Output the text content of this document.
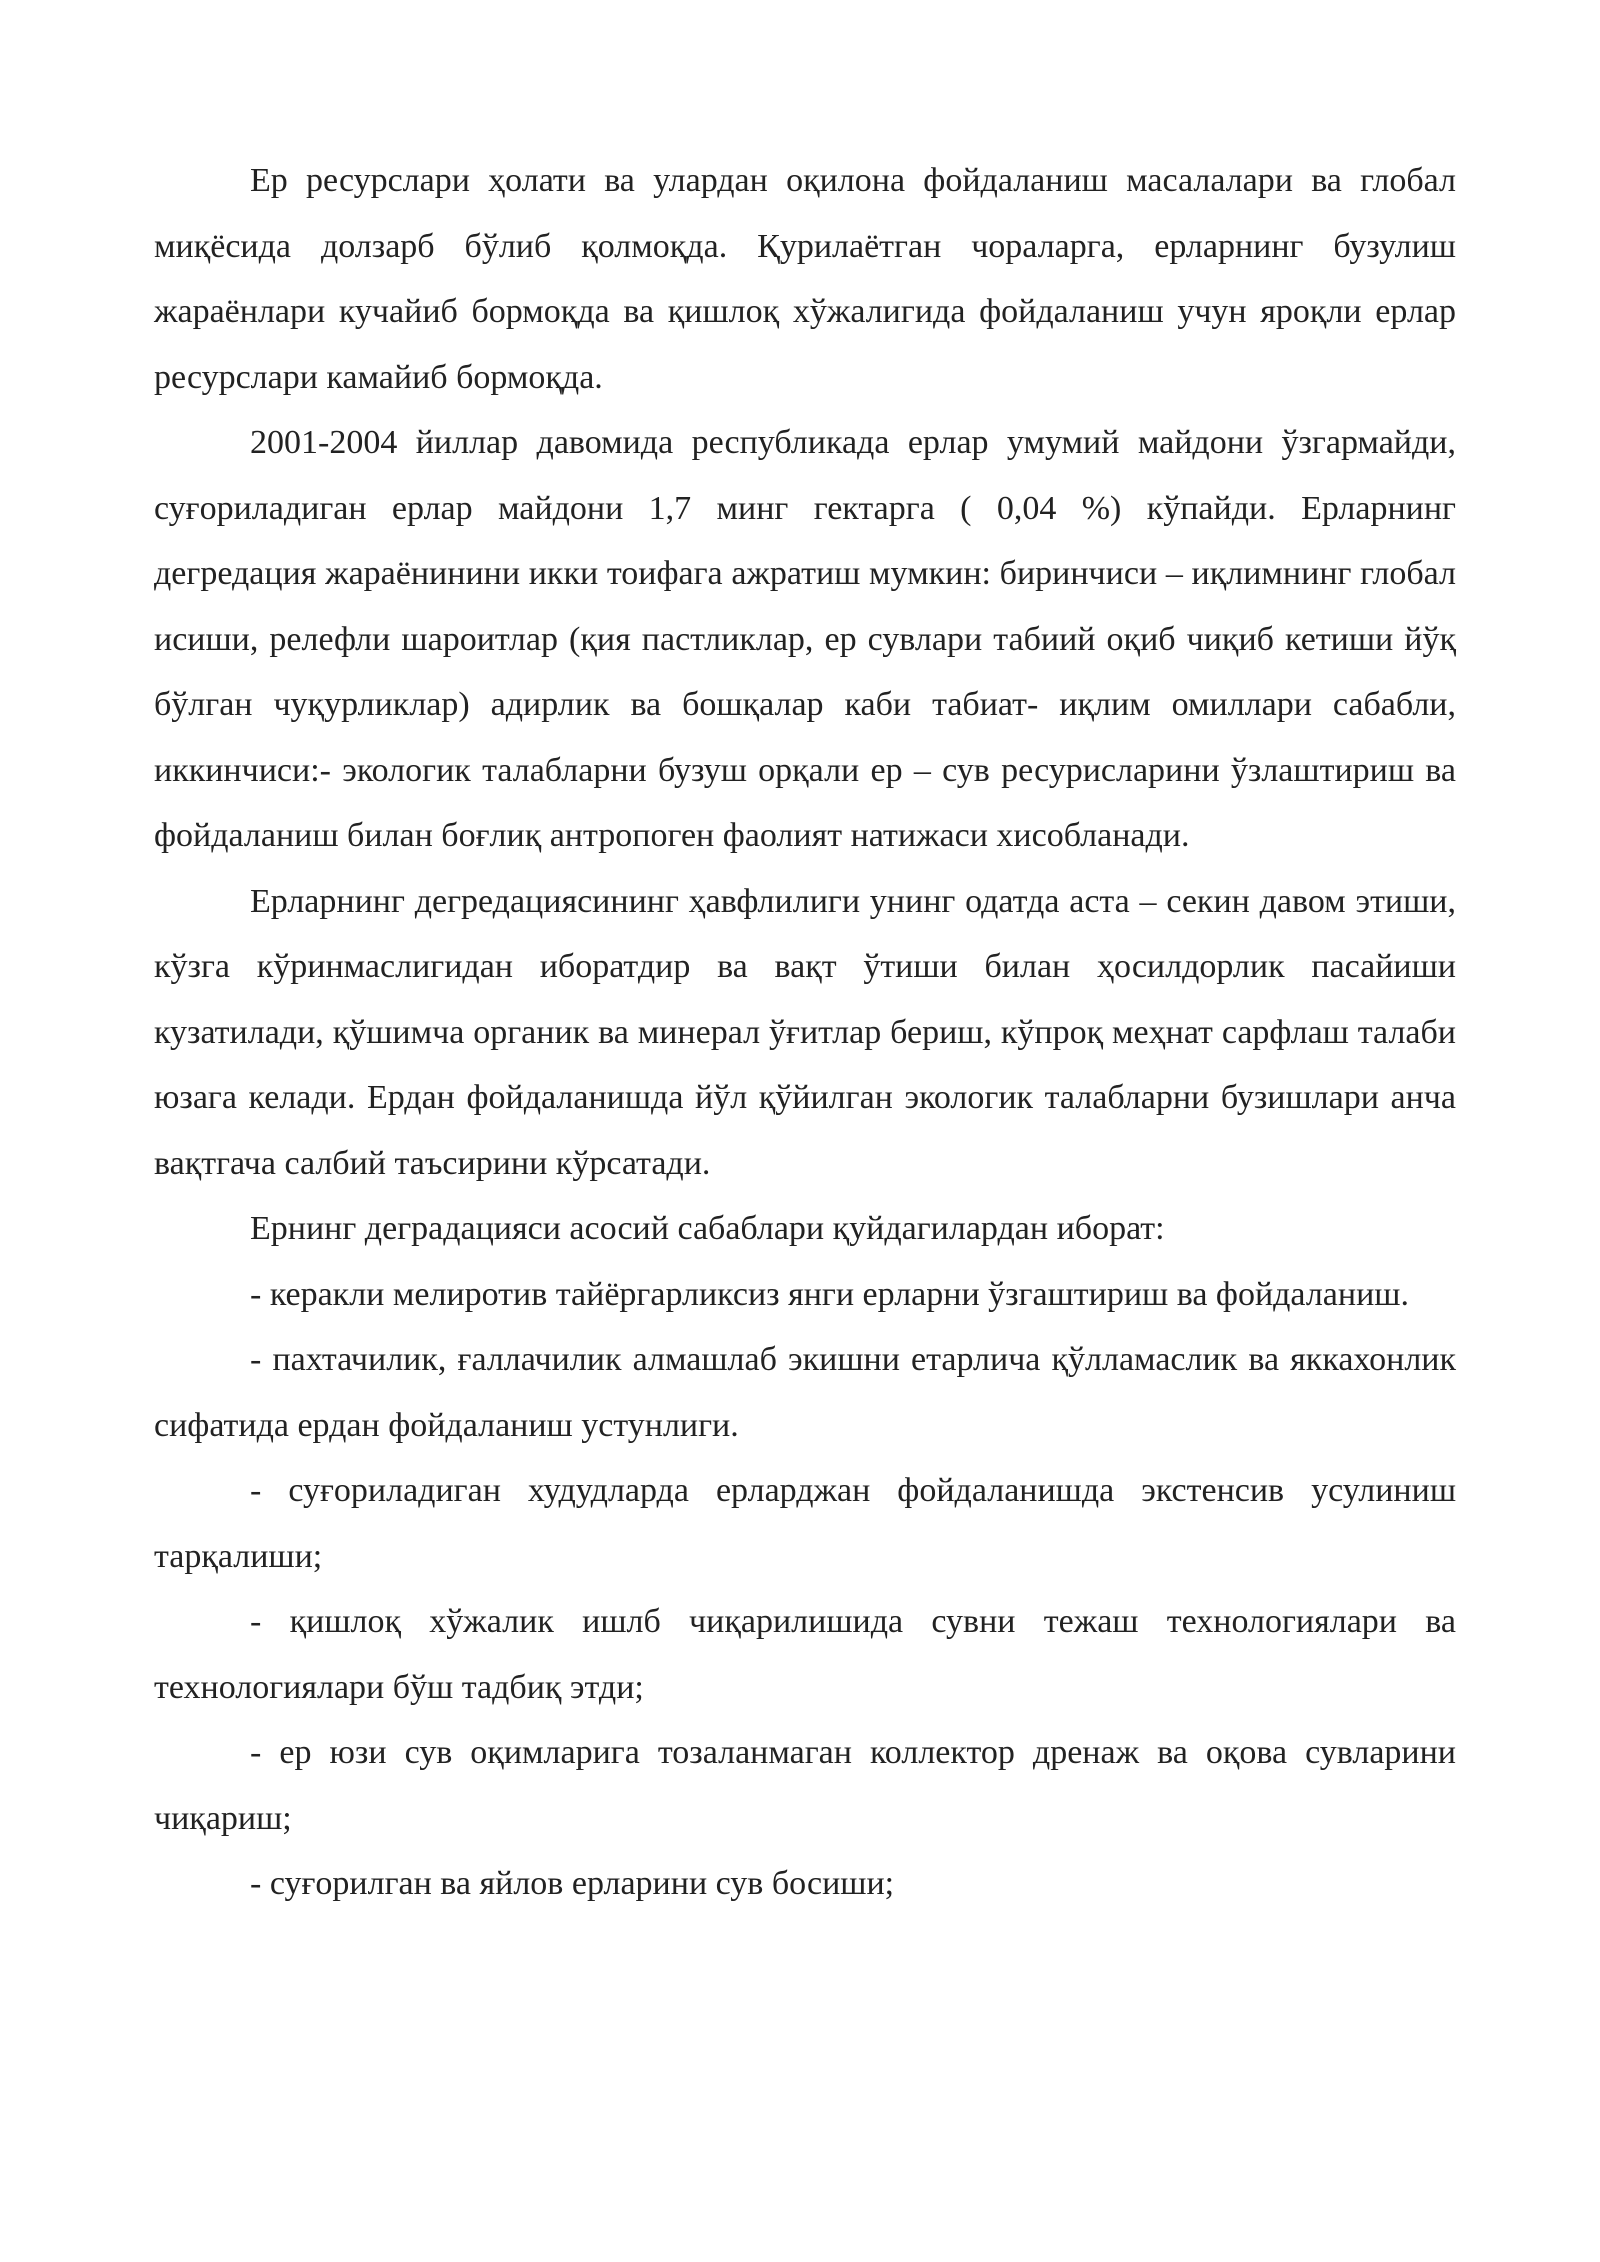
Ер ресурслари ҳолати ва улардан оқилона фойдаланиш масалалари ва глобал миқёсида долзарб бўлиб қолмоқда. Қурилаётган чораларга, ерларнинг бузулиш жараёнлари кучайиб бормоқда ва қишлоқ хўжалигида фойдаланиш учун яроқли ерлар ресурслари камайиб бормоқда.

2001-2004 йиллар давомида республикада ерлар умумий майдони ўзгармайди, суғориладиган ерлар майдони 1,7 минг гектарга ( 0,04 %) кўпайди. Ерларнинг дегредация жараёнинини икки тоифага ажратиш мумкин: биринчиси – иқлимнинг глобал исиши, релефли шароитлар (қия пастликлар, ер сувлари табиий оқиб чиқиб кетиши йўқ бўлган чуқурликлар) адирлик ва бошқалар каби табиат- иқлим омиллари сабабли, иккинчиси:- экологик талабларни бузуш орқали ер – сув ресурисларини ўзлаштириш ва фойдаланиш билан боғлиқ антропоген фаолият натижаси хисобланади.

Ерларнинг дегредациясининг ҳавфлилиги унинг одатда аста – секин давом этиши, кўзга кўринмаслигидан иборатдир ва вақт ўтиши билан ҳосилдорлик пасайиши кузатилади, қўшимча органик ва минерал ўғитлар бериш, кўпроқ меҳнат сарфлаш талаби юзага келади. Ердан фойдаланишда йўл қўйилган экологик талабларни бузишлари анча вақтгача салбий таъсирини кўрсатади.

Ернинг деградацияси асосий сабаблари қуйдагилардан иборат:

- керакли мелиротив тайёргарликсиз янги ерларни ўзгаштириш ва фойдаланиш.

- пахтачилик, ғаллачилик алмашлаб экишни етарлича қўлламаслик ва яккахонлик сифатида ердан фойдаланиш устунлиги.

- суғориладиган худудларда ерларджан фойдаланишда экстенсив усулиниш тарқалиши;

- қишлоқ хўжалик ишлб чиқарилишида сувни тежаш технологиялари ва технологиялари бўш тадбиқ этди;

- ер юзи сув оқимларига тозаланмаган коллектор дренаж ва оқова сувларини чиқариш;

- суғорилган ва яйлов ерларини сув босиши;
